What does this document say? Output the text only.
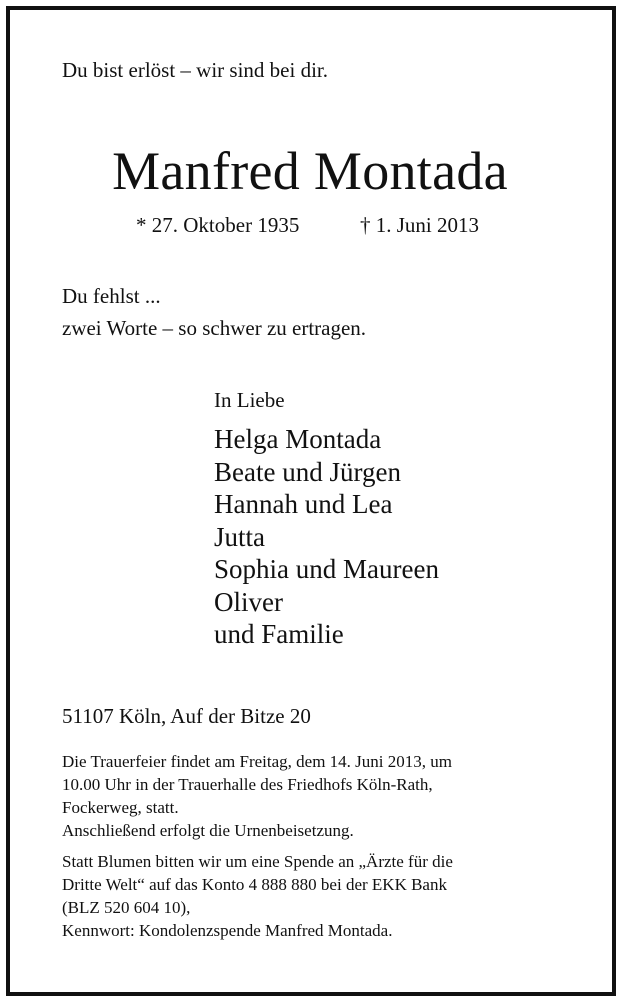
Du bist erlöst – wir sind bei dir.
Manfred Montada
* 27. Oktober 1935	† 1. Juni 2013
Du fehlst ...
zwei Worte – so schwer zu ertragen.
In Liebe
Helga Montada
Beate und Jürgen
Hannah und Lea
Jutta
Sophia und Maureen
Oliver
und Familie
51107 Köln, Auf der Bitze 20
Die Trauerfeier findet am Freitag, dem 14. Juni 2013, um
10.00 Uhr in der Trauerhalle des Friedhofs Köln-Rath,
Fockerweg, statt.
Anschließend erfolgt die Urnenbeisetzung.
Statt Blumen bitten wir um eine Spende an „Ärzte für die
Dritte Welt“ auf das Konto 4 888 880 bei der EKK Bank
(BLZ 520 604 10),
Kennwort: Kondolenzspende Manfred Montada.
